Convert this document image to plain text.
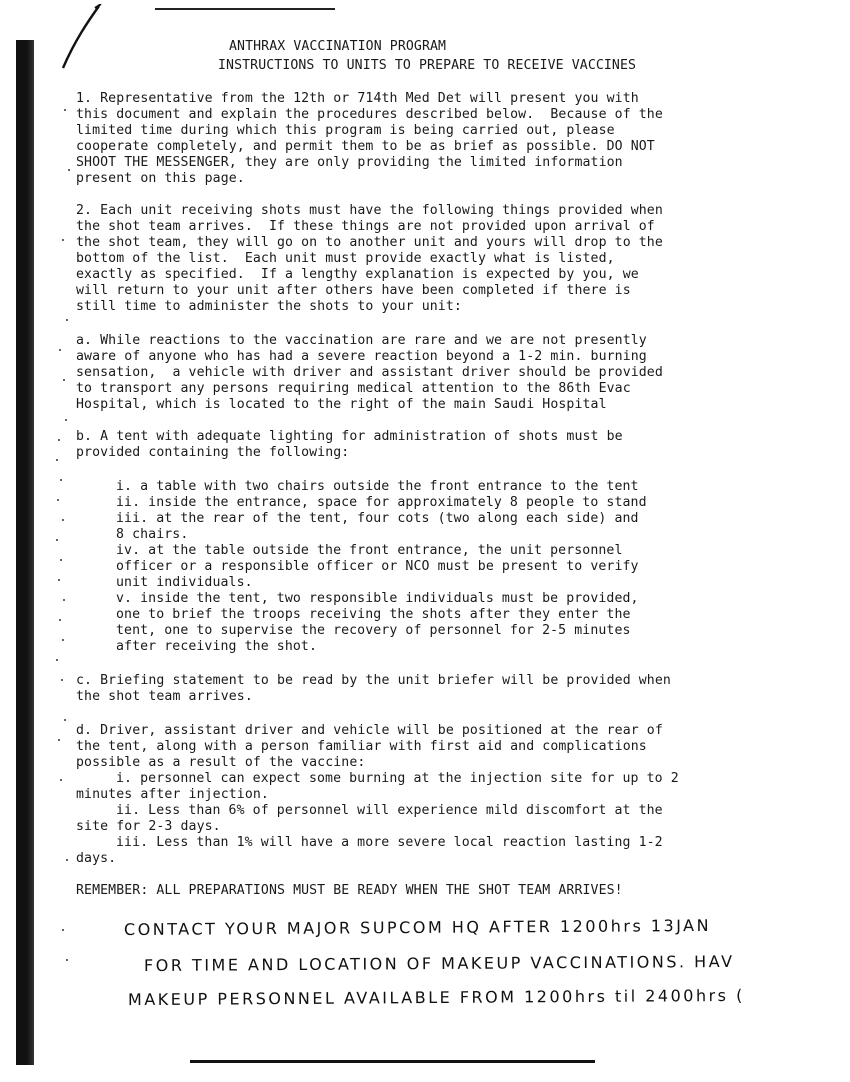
ANTHRAX VACCINATION PROGRAM
INSTRUCTIONS TO UNITS TO PREPARE TO RECEIVE VACCINES
1. Representative from the 12th or 714th Med Det will present you with
this document and explain the procedures described below.  Because of the
limited time during which this program is being carried out, please
cooperate completely, and permit them to be as brief as possible. DO NOT
SHOOT THE MESSENGER, they are only providing the limited information
present on this page.
2. Each unit receiving shots must have the following things provided when
the shot team arrives.  If these things are not provided upon arrival of
the shot team, they will go on to another unit and yours will drop to the
bottom of the list.  Each unit must provide exactly what is listed,
exactly as specified.  If a lengthy explanation is expected by you, we
will return to your unit after others have been completed if there is
still time to administer the shots to your unit:
a. While reactions to the vaccination are rare and we are not presently
aware of anyone who has had a severe reaction beyond a 1-2 min. burning
sensation,  a vehicle with driver and assistant driver should be provided
to transport any persons requiring medical attention to the 86th Evac
Hospital, which is located to the right of the main Saudi Hospital
b. A tent with adequate lighting for administration of shots must be
provided containing the following:
i. a table with two chairs outside the front entrance to the tent
ii. inside the entrance, space for approximately 8 people to stand
iii. at the rear of the tent, four cots (two along each side) and
8 chairs.
iv. at the table outside the front entrance, the unit personnel
officer or a responsible officer or NCO must be present to verify
unit individuals.
v. inside the tent, two responsible individuals must be provided,
one to brief the troops receiving the shots after they enter the
tent, one to supervise the recovery of personnel for 2-5 minutes
after receiving the shot.
c. Briefing statement to be read by the unit briefer will be provided when
the shot team arrives.
d. Driver, assistant driver and vehicle will be positioned at the rear of
the tent, along with a person familiar with first aid and complications
possible as a result of the vaccine:
i. personnel can expect some burning at the injection site for up to 2
minutes after injection.
ii. Less than 6% of personnel will experience mild discomfort at the
site for 2-3 days.
iii. Less than 1% will have a more severe local reaction lasting 1-2
days.
REMEMBER: ALL PREPARATIONS MUST BE READY WHEN THE SHOT TEAM ARRIVES!
CONTACT YOUR MAJOR SUPCOM HQ AFTER 1200hrs 13JAN
FOR TIME AND LOCATION OF MAKEUP VACCINATIONS. HAV
MAKEUP PERSONNEL AVAILABLE FROM 1200hrs til 2400hrs (
